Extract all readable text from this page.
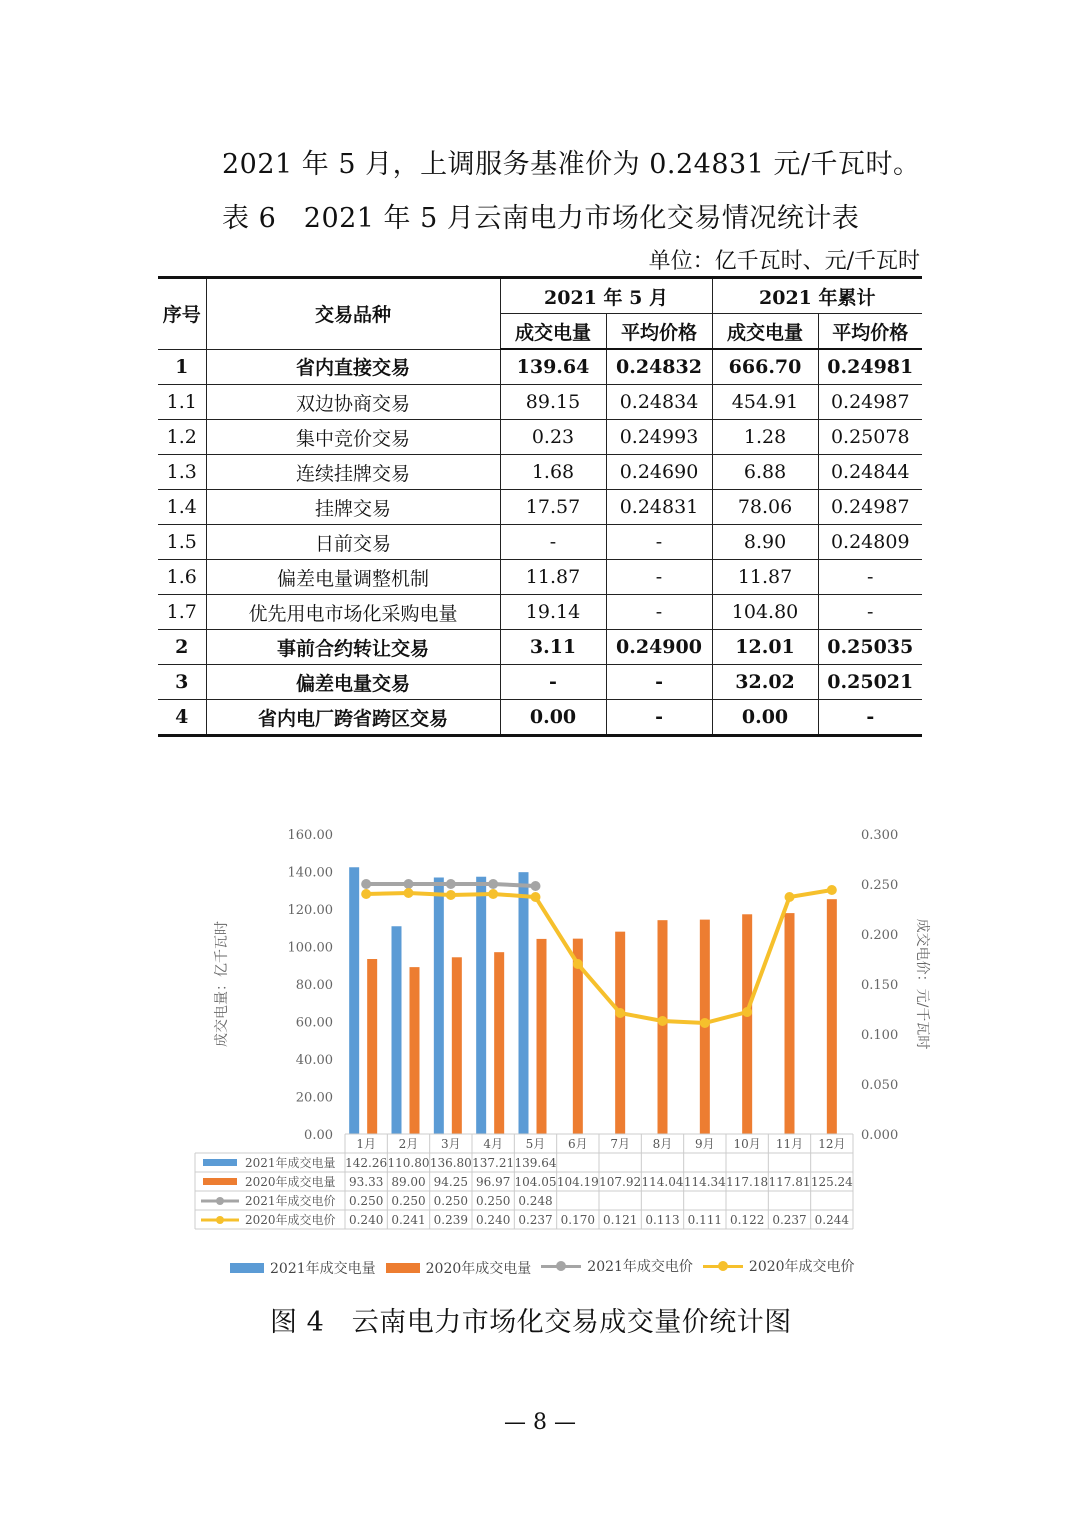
2021 年 5 月，上调服务基准价为 0.24831 元/千瓦时。
表 6　2021 年 5 月云南电力市场化交易情况统计表
单位：亿千瓦时、元/千瓦时
序号	交易品种	2021 年 5 月		2021 年累计	
		成交电量	平均价格	成交电量	平均价格
1	省内直接交易	139.64	0.24832	666.70	0.24981
1.1	双边协商交易	89.15	0.24834	454.91	0.24987
1.2	集中竞价交易	0.23	0.24993	1.28	0.25078
1.3	连续挂牌交易	1.68	0.24690	6.88	0.24844
1.4	挂牌交易	17.57	0.24831	78.06	0.24987
1.5	日前交易	-	-	8.90	0.24809
1.6	偏差电量调整机制	11.87	-	11.87	-
1.7	优先用电市场化采购电量	19.14	-	104.80	-
2	事前合约转让交易	3.11	0.24900	12.01	0.25035
3	偏差电量交易	-	-	32.02	0.25021
4	省内电厂跨省跨区交易	0.00	-	0.00	-
0.00
20.00
40.00
60.00
80.00
100.00
120.00
140.00
160.00
0.000
0.050
0.100
0.150
0.200
0.250
0.300
成交电量：亿千瓦时	成交电价：元/千瓦时
1月 2月 3月 4月 5月 6月 7月 8月 9月 10月 11月 12月
2021年成交电量 142.26 110.80 136.80 137.21 139.64
2020年成交电量 93.33 89.00 94.25 96.97 104.05 104.19 107.92 114.04 114.34 117.18 117.81 125.24
2021年成交电价 0.250 0.250 0.250 0.250 0.248
2020年成交电价 0.240 0.241 0.239 0.240 0.237 0.170 0.121 0.113 0.111 0.122 0.237 0.244
2021年成交电量	2020年成交电量	2021年成交电价	2020年成交电价
图 4　云南电力市场化交易成交量价统计图
— 8 —
